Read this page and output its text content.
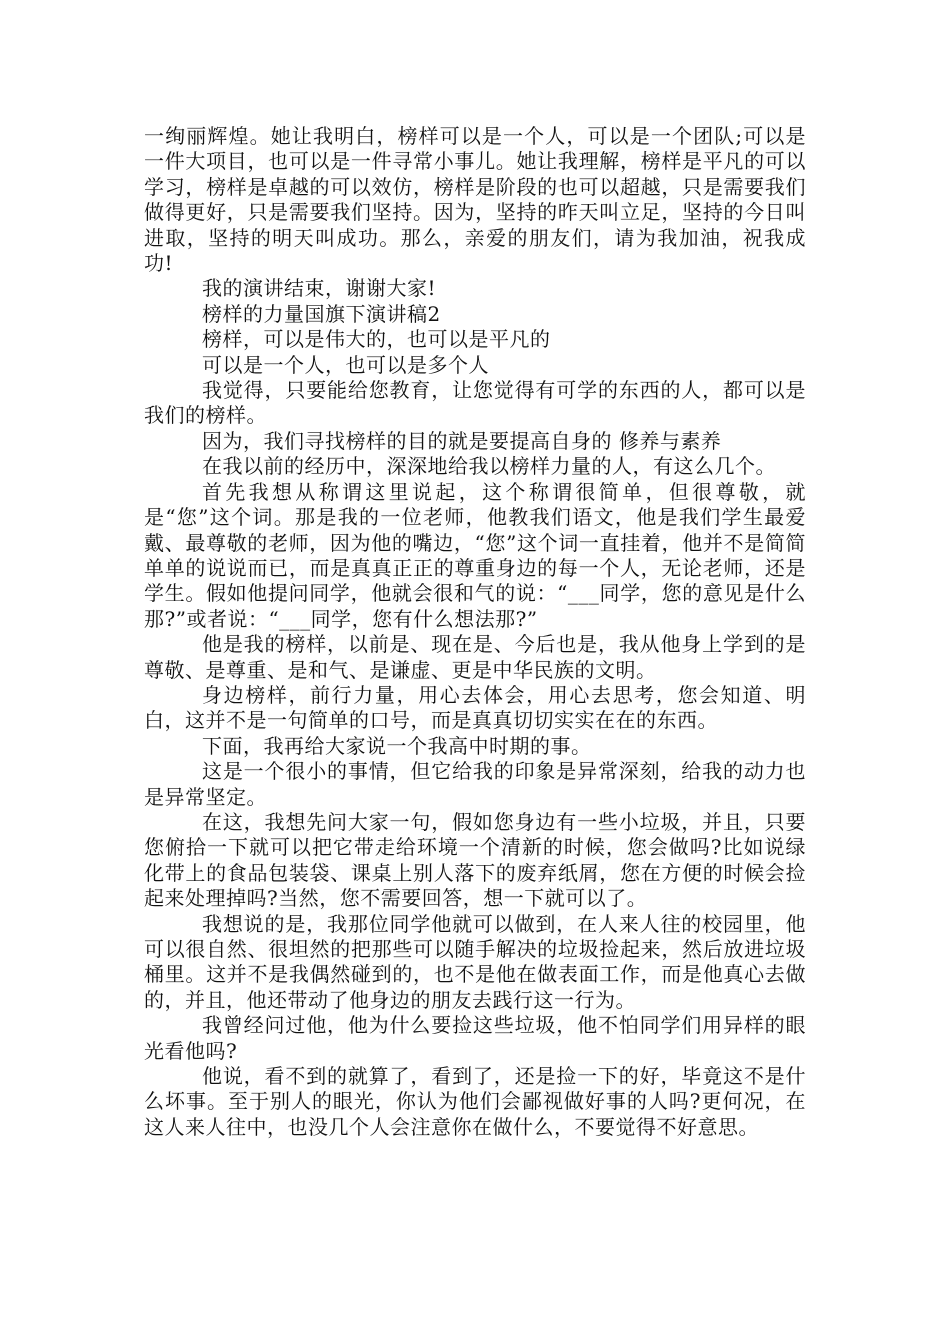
一绚丽辉煌。她让我明白，榜样可以是一个人，可以是一个团队;可以是一件大项目，也可以是一件寻常小事儿。她让我理解，榜样是平凡的可以学习，榜样是卓越的可以效仿，榜样是阶段的也可以超越，只是需要我们做得更好，只是需要我们坚持。因为，坚持的昨天叫立足，坚持的今日叫进取，坚持的明天叫成功。那么，亲爱的朋友们，请为我加油，祝我成功!

我的演讲结束，谢谢大家!

榜样的力量国旗下演讲稿2

榜样，可以是伟大的，也可以是平凡的

可以是一个人，也可以是多个人

我觉得，只要能给您教育，让您觉得有可学的东西的人，都可以是我们的榜样。

因为，我们寻找榜样的目的就是要提高自身的 修养与素养

在我以前的经历中，深深地给我以榜样力量的人，有这么几个。

首先我想从称谓这里说起，这个称谓很简单，但很尊敬，就是“您”这个词。那是我的一位老师，他教我们语文，他是我们学生最爱戴、最尊敬的老师，因为他的嘴边，“您”这个词一直挂着，他并不是简简单单的说说而已，而是真真正正的尊重身边的每一个人，无论老师，还是学生。假如他提问同学，他就会很和气的说：“___同学，您的意见是什么那?”或者说：“___同学，您有什么想法那?”

他是我的榜样，以前是、现在是、今后也是，我从他身上学到的是尊敬、是尊重、是和气、是谦虚、更是中华民族的文明。

身边榜样，前行力量，用心去体会，用心去思考，您会知道、明白，这并不是一句简单的口号，而是真真切切实实在在的东西。

下面，我再给大家说一个我高中时期的事。

这是一个很小的事情，但它给我的印象是异常深刻，给我的动力也是异常坚定。

在这，我想先问大家一句，假如您身边有一些小垃圾，并且，只要您俯拾一下就可以把它带走给环境一个清新的时候，您会做吗?比如说绿化带上的食品包装袋、课桌上别人落下的废弃纸屑，您在方便的时候会捡起来处理掉吗?当然，您不需要回答，想一下就可以了。

我想说的是，我那位同学他就可以做到，在人来人往的校园里，他可以很自然、很坦然的把那些可以随手解决的垃圾捡起来，然后放进垃圾桶里。这并不是我偶然碰到的，也不是他在做表面工作，而是他真心去做的，并且，他还带动了他身边的朋友去践行这一行为。

我曾经问过他，他为什么要捡这些垃圾，他不怕同学们用异样的眼光看他吗?

他说，看不到的就算了，看到了，还是捡一下的好，毕竟这不是什么坏事。至于别人的眼光，你认为他们会鄙视做好事的人吗?更何况，在这人来人往中，也没几个人会注意你在做什么，不要觉得不好意思。
